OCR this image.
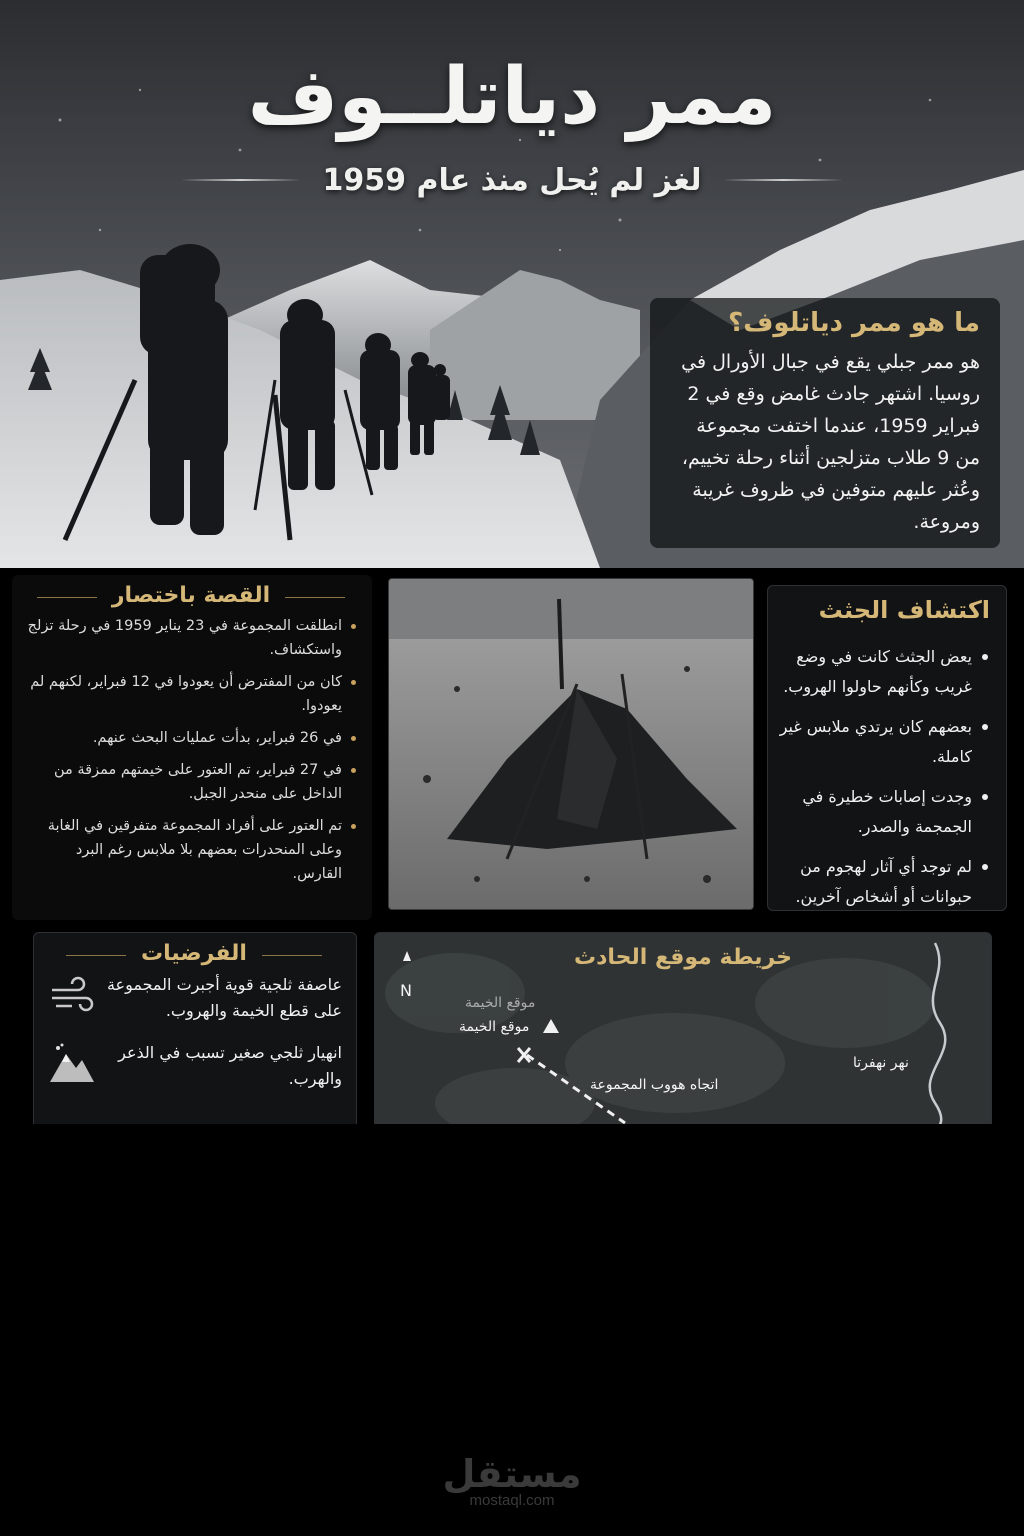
ممر دياتلــوف
لغز لم يُحل منذ عام 1959
ما هو ممر دياتلوف؟

هو ممر جبلي يقع في جبال الأورال في روسيا. اشتهر جادث غامض وقع في 2 فبراير 1959، عندما اختفت مجموعة من 9 طلاب متزلجين أثناء رحلة تخييم، وعُثر عليهم متوفين في ظروف غريبة ومروعة.

القصة باختصار
انطلقت المجموعة في 23 يناير 1959 في رحلة تزلج واستكشاف.
كان من المفترض أن يعودوا في 12 فبراير، لكنهم لم يعودوا.
في 26 فبراير، بدأت عمليات البحث عنهم.
في 27 فبراير، تم العتور على خيمتهم ممزقة من الداخل على منحدر الجبل.
تم العتور على أفراد المجموعة متفرقين في الغابة وعلى المنحدرات بعضهم بلا ملابس رغم البرد القارس.
اكتشاف الجثث
يعض الجثث كانت في وضع غريب وكأنهم حاولوا الهروب.
بعضهم كان يرتدي ملابس غير كاملة.
وجدت إصابات خطيرة في الجمجمة والصدر.
لم توجد أي آثار لهجوم من حبوانات أو أشخاص آخرين.
الفرضيات
عاصفة ثلجية قوية أجبرت المجموعة على قطع الخيمة والهروب.
انهيار ثلجي صغير تسبب في الذعر والهرب.
خريطة موقع الحادث
N
موقع الخيمة
موقع الخيمة
اتجاه هووب المجموعة
نهر نهفرتا
مستقل
mostaql.com
